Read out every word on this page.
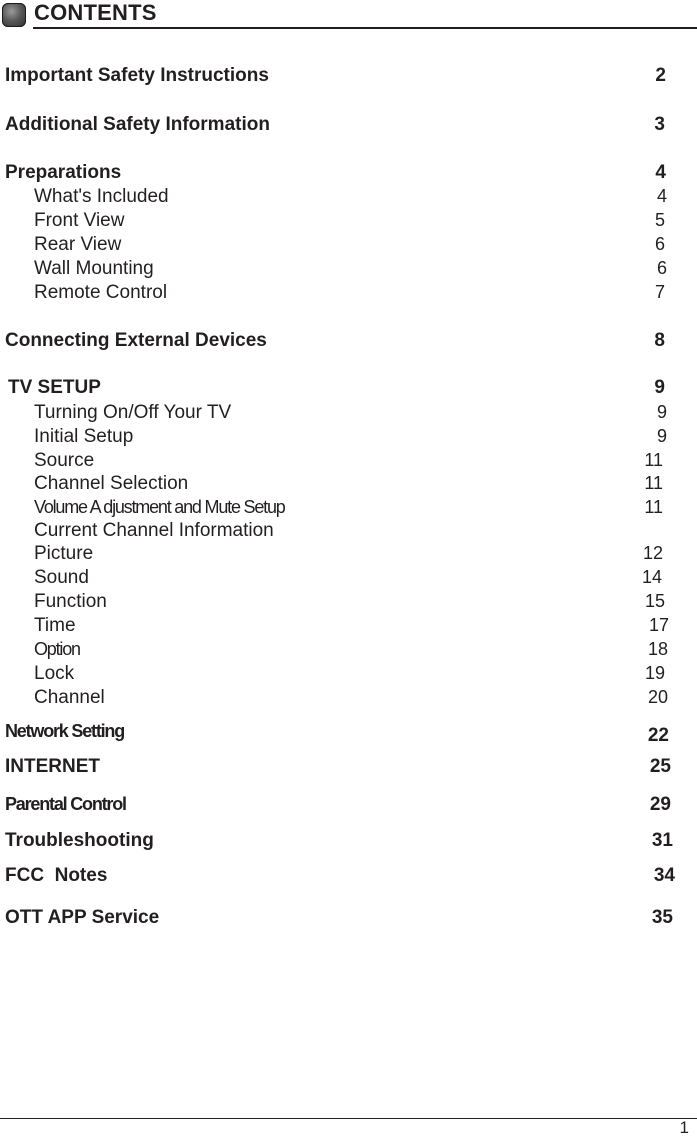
CONTENTS
Important Safety Instructions	2
Additional Safety Information	3
Preparations	4
What's Included	4
Front View	5
Rear View	6
Wall Mounting	6
Remote Control	7
Connecting External Devices	8
TV SETUP	9
Turning On/Off Your TV	9
Initial Setup	9
Source	11
Channel Selection	11
Volume A djustment and Mute Setup	11
Current Channel Information
Picture	12
Sound	14
Function	15
Time	17
Option	18
Lock	19
Channel	20
Network Setting	22
INTERNET	25
Parental Control	29
Troubleshooting	31
FCC  Notes	34
OTT APP Service	35
1
